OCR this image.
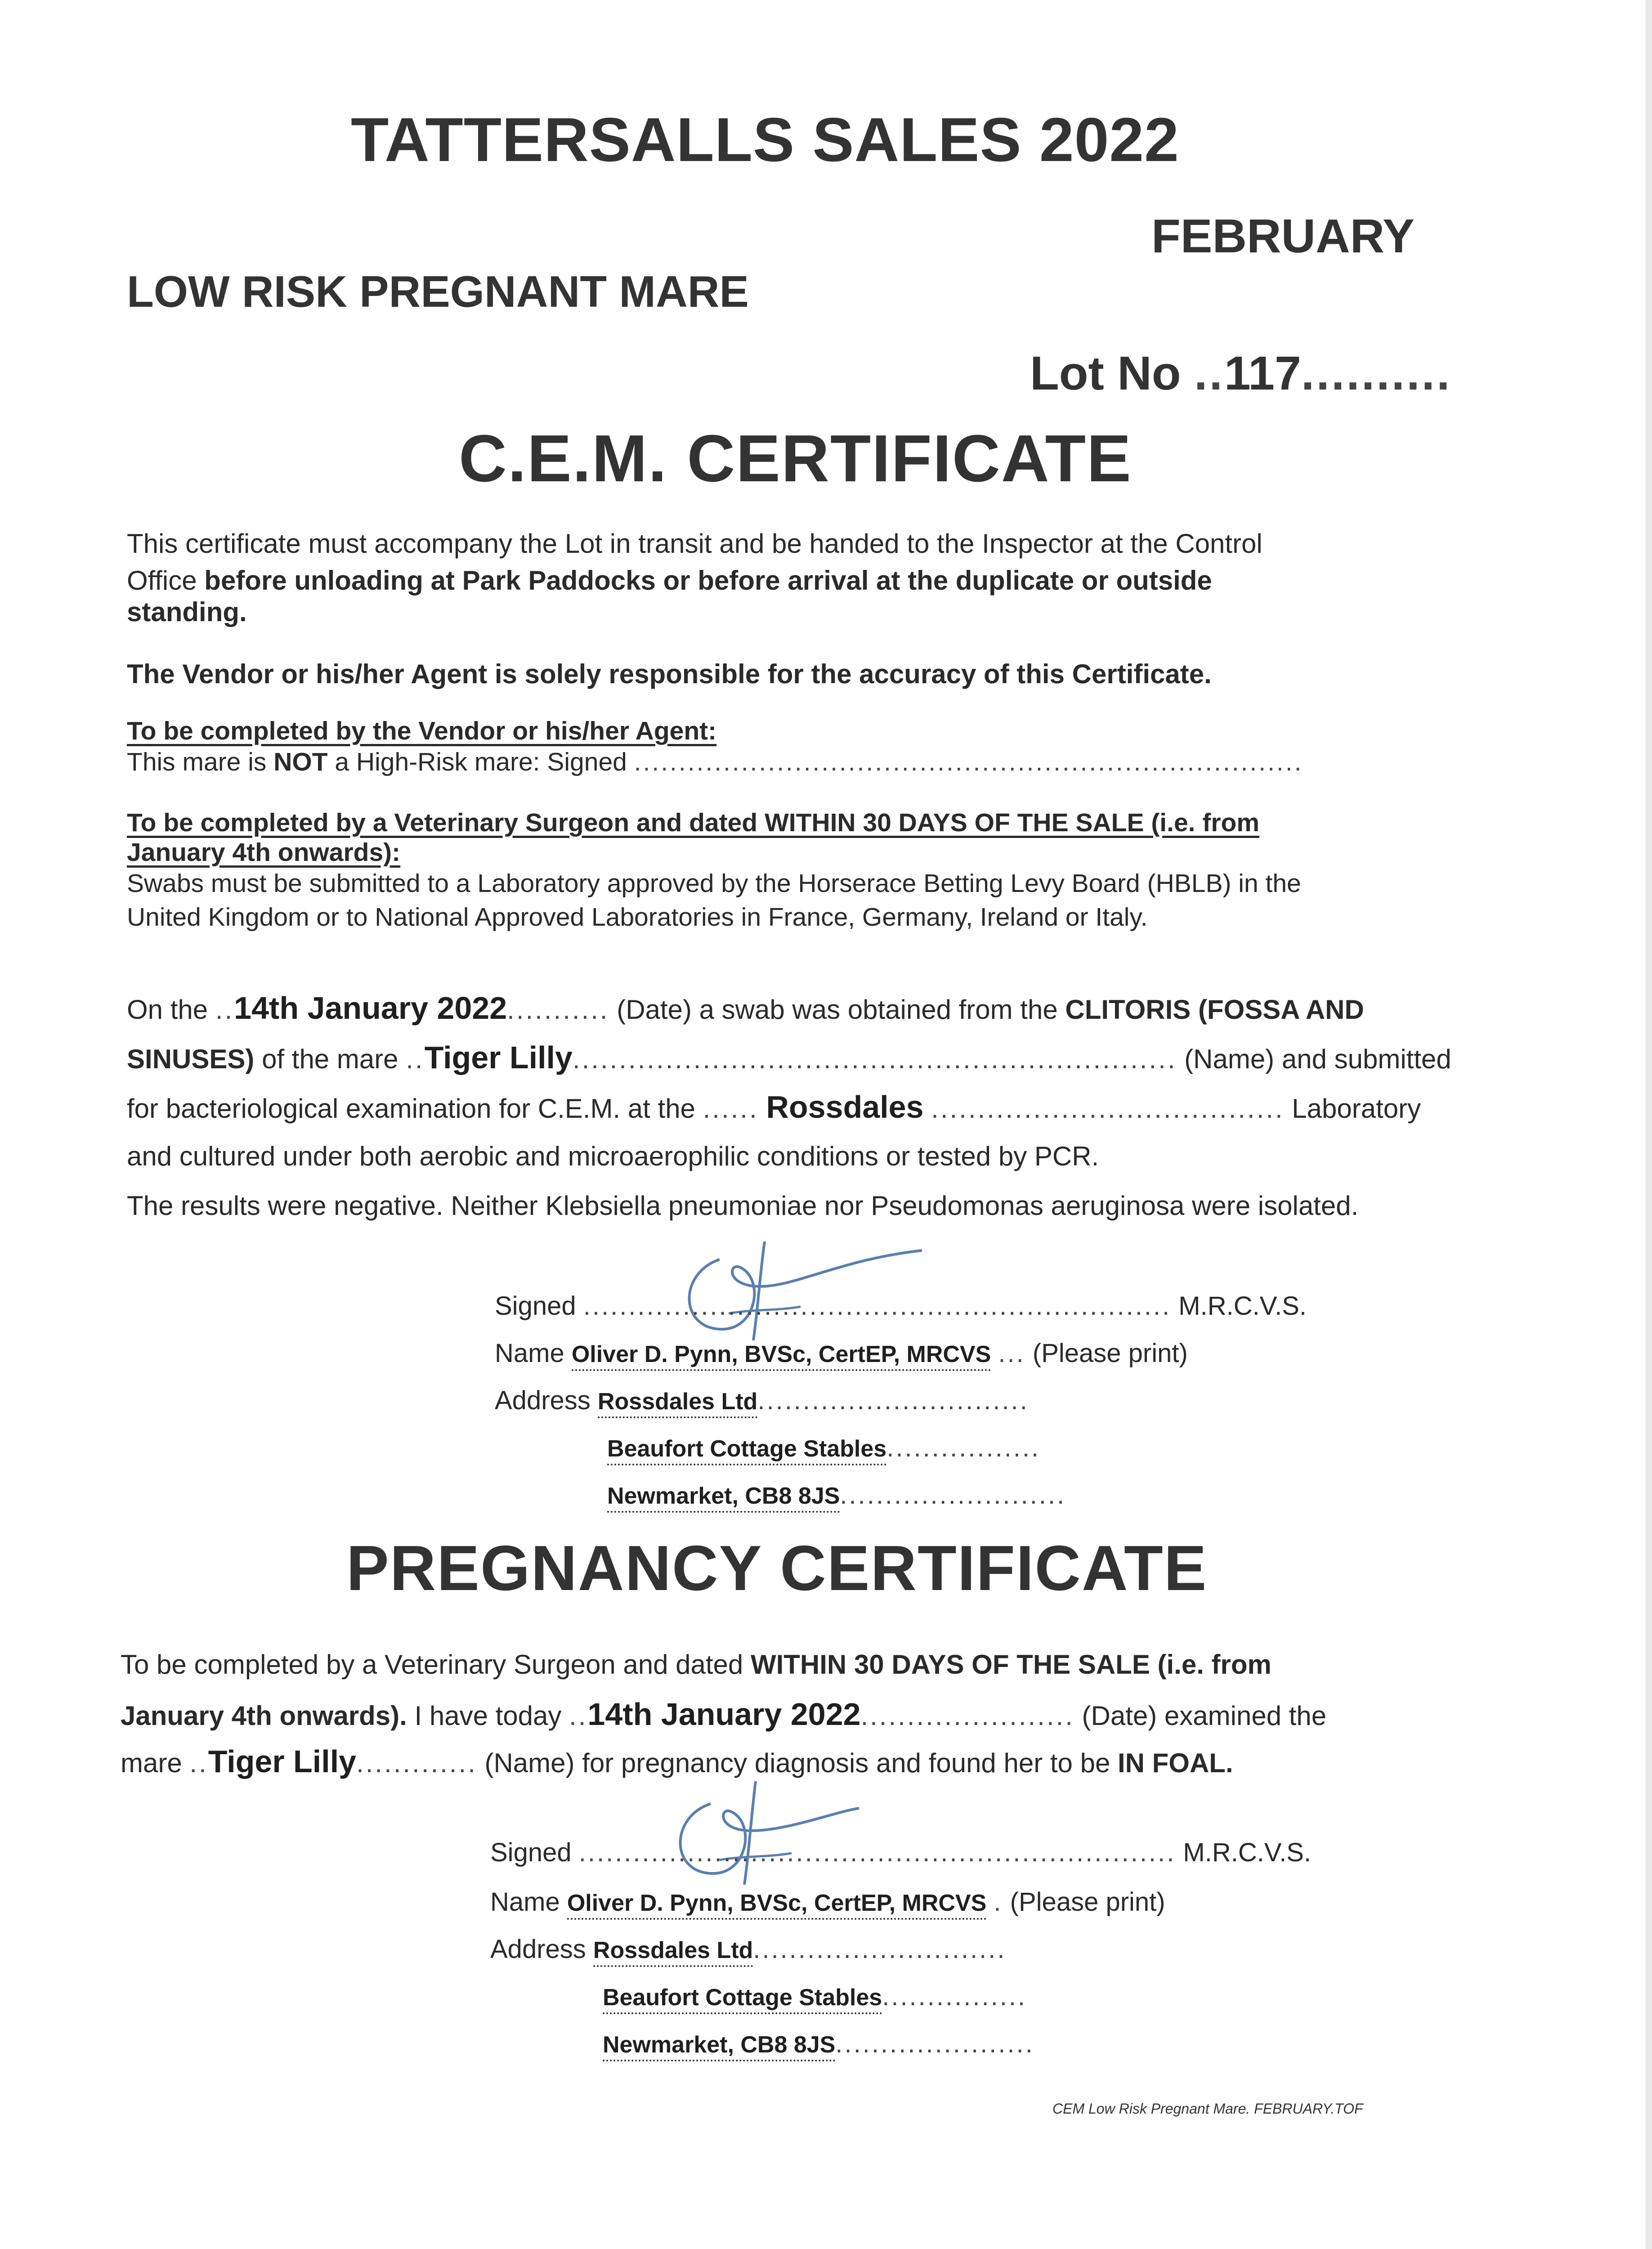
TATTERSALLS SALES 2022
FEBRUARY
LOW RISK PREGNANT MARE
Lot No ..117..........
C.E.M. CERTIFICATE
This certificate must accompany the Lot in transit and be handed to the Inspector at the Control
Office before unloading at Park Paddocks or before arrival at the duplicate or outside
standing.
The Vendor or his/her Agent is solely responsible for the accuracy of this Certificate.
To be completed by the Vendor or his/her Agent:
This mare is NOT a High-Risk mare: Signed ...........................................................................
To be completed by a Veterinary Surgeon and dated WITHIN 30 DAYS OF THE SALE (i.e. from
January 4th onwards):
Swabs must be submitted to a Laboratory approved by the Horserace Betting Levy Board (HBLB) in the
United Kingdom or to National Approved Laboratories in France, Germany, Ireland or Italy.
On the ..14th January 2022........... (Date) a swab was obtained from the CLITORIS (FOSSA AND
SINUSES) of the mare ..Tiger Lilly................................................................. (Name) and submitted
for bacteriological examination for C.E.M. at the ...... Rossdales ...................................... Laboratory
and cultured under both aerobic and microaerophilic conditions or tested by PCR.
The results were negative. Neither Klebsiella pneumoniae nor Pseudomonas aeruginosa were isolated.
Signed ................................................................. M.R.C.V.S.
Name Oliver D. Pynn, BVSc, CertEP, MRCVS ... (Please print)
Address Rossdales Ltd..............................
Beaufort Cottage Stables.................
Newmarket, CB8 8JS.........................
PREGNANCY CERTIFICATE
To be completed by a Veterinary Surgeon and dated WITHIN 30 DAYS OF THE SALE (i.e. from
January 4th onwards). I have today ..14th January 2022....................... (Date) examined the
mare ..Tiger Lilly............. (Name) for pregnancy diagnosis and found her to be IN FOAL.
Signed .................................................................. M.R.C.V.S.
Name Oliver D. Pynn, BVSc, CertEP, MRCVS . (Please print)
Address Rossdales Ltd............................
Beaufort Cottage Stables................
Newmarket, CB8 8JS......................
CEM Low Risk Pregnant Mare. FEBRUARY.TOF
